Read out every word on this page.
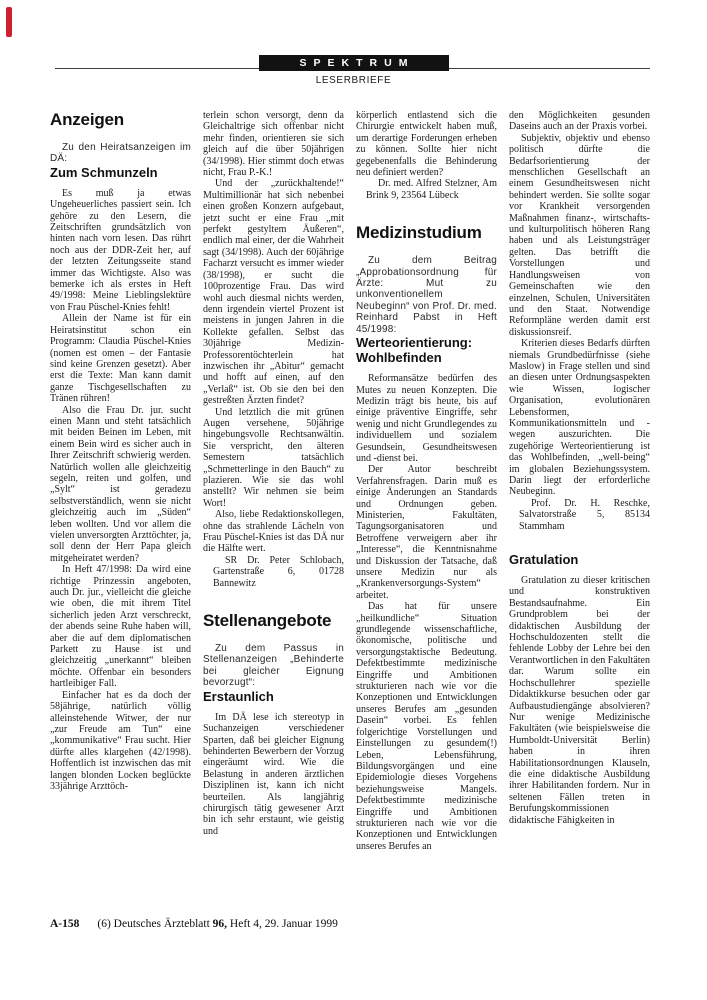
SPEKTRUM
LESERBRIEFE
Anzeigen

Zu den Heiratsanzeigen im DÄ:

Zum Schmunzeln

Es muß ja etwas Ungeheuerliches passiert sein. Ich gehöre zu den Lesern, die Zeitschriften grundsätzlich von hinten nach vorn lesen. Das rührt noch aus der DDR-Zeit her, auf der letzten Zeitungsseite stand immer das Wichtigste. Also was bemerke ich als erstes in Heft 49/1998: Meine Lieblingslektüre von Frau Püschel-Knies fehlt!

Allein der Name ist für ein Heiratsinstitut schon ein Programm: Claudia Püschel-Knies (nomen est omen – der Fantasie sind keine Grenzen gesetzt). Aber erst die Texte: Man kann damit ganze Tischgesellschaften zu Tränen rühren!

Also die Frau Dr. jur. sucht einen Mann und steht tatsächlich mit beiden Beinen im Leben, mit einem Bein wird es sicher auch in Ihrer Zeitschrift schwierig werden. Natürlich wollen alle gleichzeitig segeln, reiten und golfen, und „Sylt“ ist geradezu selbstverständlich, wenn sie nicht gleichzeitig auch im „Süden“ leben wollten. Und vor allem die vielen unversorgten Arzttöchter, ja, soll denn der Herr Papa gleich mitgeheiratet werden?

In Heft 47/1998: Da wird eine richtige Prinzessin angeboten, auch Dr. jur., vielleicht die gleiche wie oben, die mit ihrem Titel sicherlich jeden Arzt verschreckt, der abends seine Ruhe haben will, aber die auf dem diplomatischen Parkett zu Hause ist und gleichzeitig „unerkannt“ bleiben möchte. Offenbar ein besonders hartleibiger Fall.

Einfacher hat es da doch der 58jährige, natürlich völlig alleinstehende Witwer, der nur „zur Freude am Tun“ eine „kommunikative“ Frau sucht. Hier dürfte alles klargehen (42/1998). Hoffentlich ist inzwischen das mit langen blonden Locken beglückte 33jährige Arzttöch-

terlein schon versorgt, denn da Gleichaltrige sich offenbar nicht mehr finden, orientieren sie sich gleich auf die über 50jährigen (34/1998). Hier stimmt doch etwas nicht, Frau P.-K.!

Und der „zurückhaltende!“ Multimillionär hat sich nebenbei einen großen Konzern aufgebaut, jetzt sucht er eine Frau „mit perfekt gestyltem Äußeren“, endlich mal einer, der die Wahrheit sagt (34/1998). Auch der 60jährige Facharzt versucht es immer wieder (38/1998), er sucht die 100prozentige Frau. Das wird wohl auch diesmal nichts werden, denn irgendein viertel Prozent ist meistens in jungen Jahren in die Kollekte gefallen. Selbst das 30jährige Medizin-Professorentöchterlein hat inzwischen ihr „Abitur“ gemacht und hofft auf einen, auf den „Verlaß“ ist. Ob sie den bei den gestreßten Ärzten findet?

Und letztlich die mit grünen Augen versehene, 50jährige hingebungsvolle Rechtsanwältin. Sie verspricht, den älteren Semestern tatsächlich „Schmetterlinge in den Bauch“ zu plazieren. Wie sie das wohl anstellt? Wir nehmen sie beim Wort!

Also, liebe Redaktionskollegen, ohne das strahlende Lächeln von Frau Püschel-Knies ist das DÄ nur die Hälfte wert.

SR Dr. Peter Schlobach, Gartenstraße 6, 01728 Bannewitz

Stellenangebote

Zu dem Passus in Stellenanzeigen „Behinderte bei gleicher Eignung bevorzugt“:

Erstaunlich

Im DÄ lese ich stereotyp in Suchanzeigen verschiedener Sparten, daß bei gleicher Eignung behinderten Bewerbern der Vorzug eingeräumt wird. Wie die Belastung in anderen ärztlichen Disziplinen ist, kann ich nicht beurteilen. Als langjährig chirurgisch tätig gewesener Arzt bin ich sehr erstaunt, wie geistig und

körperlich entlastend sich die Chirurgie entwickelt haben muß, um derartige Forderungen erheben zu können. Sollte hier nicht gegebenenfalls die Behinderung neu definiert werden?

Dr. med. Alfred Stelzner, Am Brink 9, 23564 Lübeck

Medizinstudium

Zu dem Beitrag „Approbationsordnung für Ärzte: Mut zu unkonventionellem Neubeginn“ von Prof. Dr. med. Reinhard Pabst in Heft 45/1998:

Werteorientierung: Wohlbefinden

Reformansätze bedürfen des Mutes zu neuen Konzepten. Die Medizin trägt bis heute, bis auf einige präventive Eingriffe, sehr wenig und nicht Grundlegendes zu individuellem und sozialem Gesundsein, Gesundheitswesen und -dienst bei.

Der Autor beschreibt Verfahrensfragen. Darin muß es einige Änderungen an Standards und Ordnungen geben. Ministerien, Fakultäten, Tagungsorganisatoren und Betroffene verweigern aber ihr „Interesse“, die Kenntnisnahme und Diskussion der Tatsache, daß unsere Medizin nur als „Krankenversorgungs-System“ arbeitet.

Das hat für unsere „heilkundliche“ Situation grundlegende wissenschaftliche, ökonomische, politische und versorgungstaktische Bedeutung. Defektbestimmte medizinische Eingriffe und Ambitionen strukturieren nach wie vor die Konzeptionen und Entwicklungen unseres Berufes am „gesunden Dasein“ vorbei. Es fehlen folgerichtige Vorstellungen und Einstellungen zu gesundem(!) Leben, Lebensführung, Bildungsvorgängen und eine Epidemiologie dieses Vorgehens beziehungsweise Mangels. Defektbestimmte medizinische Eingriffe und Ambitionen strukturieren nach wie vor die Konzeptionen und Entwicklungen unseres Berufes an

den Möglichkeiten gesunden Daseins auch an der Praxis vorbei.

Subjektiv, objektiv und ebenso politisch dürfte die Bedarfsorientierung der menschlichen Gesellschaft an einem Gesundheitswesen nicht behindert werden. Sie sollte sogar vor Krankheit versorgenden Maßnahmen finanz-, wirtschafts- und kulturpolitisch höheren Rang haben und als Leistungsträger gelten. Das betrifft die Vorstellungen und Handlungsweisen von Gemeinschaften wie den einzelnen, Schulen, Universitäten und den Staat. Notwendige Reformpläne werden damit erst diskussionsreif.

Kriterien dieses Bedarfs dürften niemals Grundbedürfnisse (siehe Maslow) in Frage stellen und sind an diesen unter Ordnungsaspekten wie Wissen, logischer Organisation, evolutionären Lebensformen, Kommunikationsmitteln und -wegen auszurichten. Die zugehörige Werteorientierung ist das Wohlbefinden, „well-being“ im globalen Beziehungssystem. Darin liegt der erforderliche Neubeginn.

Prof. Dr. H. Reschke, Salvatorstraße 5, 85134 Stammham

Gratulation

Gratulation zu dieser kritischen und konstruktiven Bestandsaufnahme. Ein Grundproblem bei der didaktischen Ausbildung der Hochschuldozenten stellt die fehlende Lobby der Lehre bei den Verantwortlichen in den Fakultäten dar. Warum sollte ein Hochschullehrer spezielle Didaktikkurse besuchen oder gar Aufbaustudiengänge absolvieren? Nur wenige Medizinische Fakultäten (wie beispielsweise die Humboldt-Universität Berlin) haben in ihren Habilitationsordnungen Klauseln, die eine didaktische Ausbildung ihrer Habilitanden fordern. Nur in seltenen Fällen treten in Berufungskommissionen didaktische Fähigkeiten in

A-158 (6) Deutsches Ärzteblatt 96, Heft 4, 29. Januar 1999
